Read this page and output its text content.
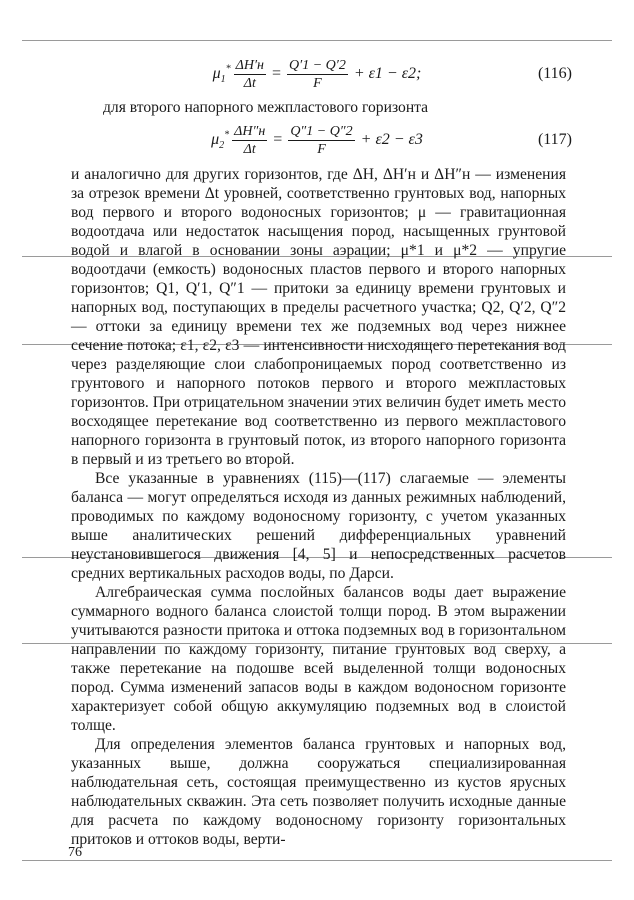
$\mu_1^* \frac{\Delta H'н}{\Delta t} = \frac{Q'1 - Q'2}{F} + \varepsilon 1 - \varepsilon 2$;	(116)
для второго напорного межпластового горизонта
$\mu_2^* \frac{\Delta H''н}{\Delta t} = \frac{Q''1 - Q''2}{F} + \varepsilon 2 - \varepsilon 3$	(117)

и аналогично для других горизонтов, где ΔH, ΔH′н и ΔH″н — изменения за отрезок времени Δt уровней, соответственно грунтовых вод, напорных вод первого и второго водоносных горизонтов; μ — гравитационная водоотдача или недостаток насыщения пород, насыщенных грунтовой водой и влагой в основании зоны аэрации; μ*1 и μ*2 — упругие водоотдачи (емкость) водоносных пластов первого и второго напорных горизонтов; Q1, Q′1, Q″1 — притоки за единицу времени грунтовых и напорных вод, поступающих в пределы расчетного участка; Q2, Q′2, Q″2 — оттоки за единицу времени тех же подземных вод через нижнее сечение потока; ε1, ε2, ε3 — интенсивности нисходящего перетекания вод через разделяющие слои слабопроницаемых пород соответственно из грунтового и напорного потоков первого и второго межпластовых горизонтов. При отрицательном значении этих величин будет иметь место восходящее перетекание вод соответственно из первого межпластового напорного горизонта в грунтовый поток, из второго напорного горизонта в первый и из третьего во второй.

Все указанные в уравнениях (115)—(117) слагаемые — элементы баланса — могут определяться исходя из данных режимных наблюдений, проводимых по каждому водоносному горизонту, с учетом указанных выше аналитических решений дифференциальных уравнений неустановившегося движения [4, 5] и непосредственных расчетов средних вертикальных расходов воды, по Дарси.

Алгебраическая сумма послойных балансов воды дает выражение суммарного водного баланса слоистой толщи пород. В этом выражении учитываются разности притока и оттока подземных вод в горизонтальном направлении по каждому горизонту, питание грунтовых вод сверху, а также перетекание на подошве всей выделенной толщи водоносных пород. Сумма изменений запасов воды в каждом водоносном горизонте характеризует собой общую аккумуляцию подземных вод в слоистой толще.

Для определения элементов баланса грунтовых и напорных вод, указанных выше, должна сооружаться специализированная наблюдательная сеть, состоящая преимущественно из кустов ярусных наблюдательных скважин. Эта сеть позволяет получить исходные данные для расчета по каждому водоносному горизонту горизонтальных притоков и оттоков воды, верти-

76
